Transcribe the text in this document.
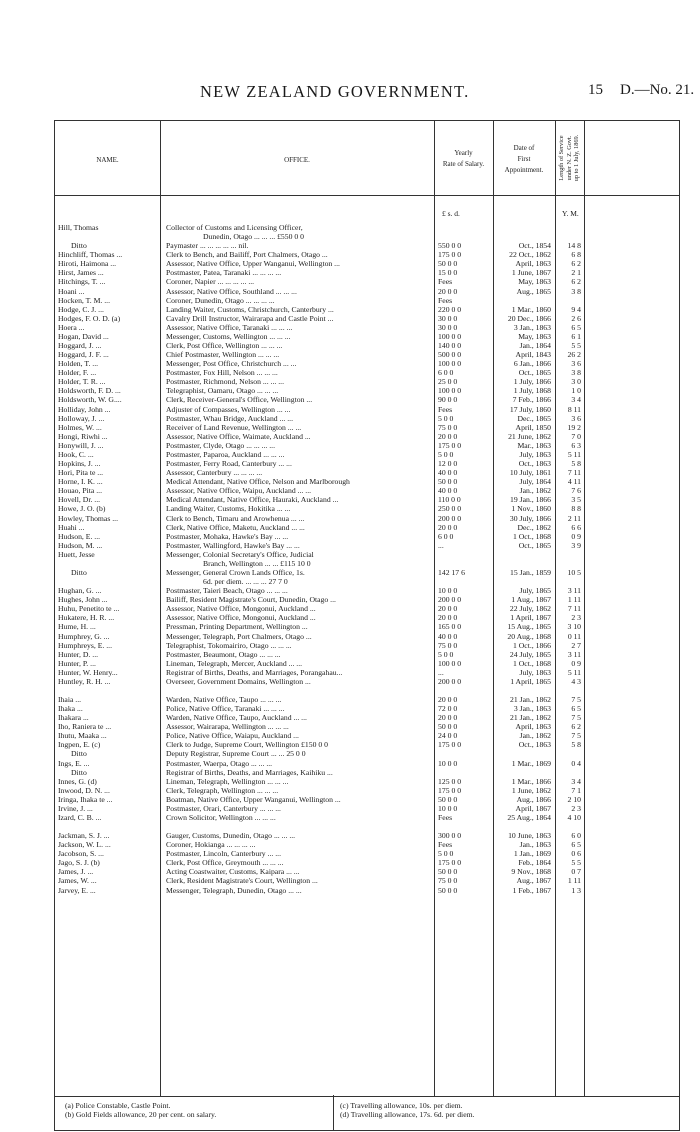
NEW ZEALAND GOVERNMENT.	15 D.—No. 21.
NAME.	OFFICE.
Yearly
Rate of Salary.
Date of
First
Appointment.	Length of Service under N. Z. Govt. up to 1 July, 1869.
£ s. d.	Y. M.
Hill, Thomas	Collector of Customs and Licensing Officer,
Dunedin, Otago ... ... ... £550 0 0
Ditto	Paymaster ... ... ... ... ... nil.	550 0 0	Oct., 1854	14 8
Hinchliff, Thomas ...	Clerk to Bench, and Bailiff, Port Chalmers, Otago ...	175 0 0	22 Oct., 1862	6 8
Hiroti, Haimona ...	Assessor, Native Office, Upper Wanganui, Wellington ...	50 0 0	April, 1863	6 2
Hirst, James ...	Postmaster, Patea, Taranaki ... ... ... ...	15 0 0	1 June, 1867	2 1
Hitchings, T. ...	Coroner, Napier ... ... ... ... ...	Fees	May, 1863	6 2
Hoani ...	Assessor, Native Office, Southland ... ... ...	20 0 0	Aug., 1865	3 8
Hocken, T. M. ...	Coroner, Dunedin, Otago ... ... ... ...	Fees
Hodge, C. J. ...	Landing Waiter, Customs, Christchurch, Canterbury ...	220 0 0	1 Mar., 1860	9 4
Hodges, F. O. D. (a)	Cavalry Drill Instructor, Wairarapa and Castle Point ...	30 0 0	20 Dec., 1866	2 6
Hoera ...	Assessor, Native Office, Taranaki ... ... ...	30 0 0	3 Jan., 1863	6 5
Hogan, David ...	Messenger, Customs, Wellington ... ... ...	100 0 0	May, 1863	6 1
Hoggard, J. ...	Clerk, Post Office, Wellington ... ... ...	140 0 0	Jan., 1864	5 5
Hoggard, J. F. ...	Chief Postmaster, Wellington ... ... ...	500 0 0	April, 1843	26 2
Holden, T. ...	Messenger, Post Office, Christchurch ... ...	100 0 0	6 Jan., 1866	3 6
Holder, F. ...	Postmaster, Fox Hill, Nelson ... ... ...	6 0 0	Oct., 1865	3 8
Holder, T. R. ...	Postmaster, Richmond, Nelson ... ... ...	25 0 0	1 July, 1866	3 0
Holdsworth, F. D. ...	Telegraphist, Oamaru, Otago ... ... ...	100 0 0	1 July, 1868	1 0
Holdsworth, W. G....	Clerk, Receiver-General's Office, Wellington ...	90 0 0	7 Feb., 1866	3 4
Holliday, John ...	Adjuster of Compasses, Wellington ... ...	Fees	17 July, 1860	8 11
Holloway, J. ...	Postmaster, Whau Bridge, Auckland ... ...	5 0 0	Dec., 1865	3 6
Holmes, W. ...	Receiver of Land Revenue, Wellington ... ...	75 0 0	April, 1850	19 2
Hongi, Riwhi ...	Assessor, Native Office, Waimate, Auckland ...	20 0 0	21 June, 1862	7 0
Honywill, J. ...	Postmaster, Clyde, Otago ... ... ... ...	175 0 0	Mar., 1863	6 3
Hook, C. ...	Postmaster, Paparoa, Auckland ... ... ...	5 0 0	July, 1863	5 11
Hopkins, J. ...	Postmaster, Ferry Road, Canterbury ... ...	12 0 0	Oct., 1863	5 8
Hori, Pita te ...	Assessor, Canterbury ... ... ... ...	40 0 0	10 July, 1861	7 11
Horne, I. K. ...	Medical Attendant, Native Office, Nelson and Marlborough	50 0 0	July, 1864	4 11
Houao, Pita ...	Assessor, Native Office, Waipu, Auckland ... ...	40 0 0	Jan., 1862	7 6
Hovell, Dr. ...	Medical Attendant, Native Office, Hauraki, Auckland ...	110 0 0	19 Jan., 1866	3 5
Howe, J. O. (b)	Landing Waiter, Customs, Hokitika ... ...	250 0 0	1 Nov., 1860	8 8
Howley, Thomas ...	Clerk to Bench, Timaru and Arowhenua ... ...	200 0 0	30 July, 1866	2 11
Huahi ...	Clerk, Native Office, Maketu, Auckland ... ...	20 0 0	Dec., 1862	6 6
Hudson, E. ...	Postmaster, Mohaka, Hawke's Bay ... ...	6 0 0	1 Oct., 1868	0 9
Hudson, M. ...	Postmaster, Wallingford, Hawke's Bay ... ...	...	Oct., 1865	3 9
Huett, Jesse	Messenger, Colonial Secretary's Office, Judicial
Branch, Wellington ... ... £115 10 0
Ditto	Messenger, General Crown Lands Office, 1s.	142 17 6	15 Jan., 1859	10 5
6d. per diem. ... ... ... 27 7 0
Hughan, G. ...	Postmaster, Taieri Beach, Otago ... ... ...	10 0 0	July, 1865	3 11
Hughes, John ...	Bailiff, Resident Magistrate's Court, Dunedin, Otago ...	200 0 0	1 Aug., 1867	1 11
Huhu, Penetito te ...	Assessor, Native Office, Mongonui, Auckland ...	20 0 0	22 July, 1862	7 11
Hukatere, H. R. ...	Assessor, Native Office, Mongonui, Auckland ...	20 0 0	1 April, 1867	2 3
Hume, H. ...	Pressman, Printing Department, Wellington ...	165 0 0	15 Aug., 1865	3 10
Humphrey, G. ...	Messenger, Telegraph, Port Chalmers, Otago ...	40 0 0	20 Aug., 1868	0 11
Humphreys, E. ...	Telegraphist, Tokomairiro, Otago ... ... ...	75 0 0	1 Oct., 1866	2 7
Hunter, D. ...	Postmaster, Beaumont, Otago ... ... ...	5 0 0	24 July, 1865	3 11
Hunter, P. ...	Lineman, Telegraph, Mercer, Auckland ... ...	100 0 0	1 Oct., 1868	0 9
Hunter, W. Henry...	Registrar of Births, Deaths, and Marriages, Porangahau...	...	July, 1863	5 11
Huntley, R. H. ...	Overseer, Government Domains, Wellington ...	200 0 0	1 April, 1865	4 3
Ihaia ...	Warden, Native Office, Taupo ... ... ...	20 0 0	21 Jan., 1862	7 5
Ihaka ...	Police, Native Office, Taranaki ... ... ...	72 0 0	3 Jan., 1863	6 5
Ihakara ...	Warden, Native Office, Taupo, Auckland ... ...	20 0 0	21 Jan., 1862	7 5
Iho, Raniera te ...	Assessor, Wairarapa, Wellington ... ... ...	50 0 0	April, 1863	6 2
Ihutu, Maaka ...	Police, Native Office, Waiapu, Auckland ...	24 0 0	Jan., 1862	7 5
Ingpen, E. (c)	Clerk to Judge, Supreme Court, Wellington £150 0 0	175 0 0	Oct., 1863	5 8
Ditto	Deputy Registrar, Supreme Court ... ... 25 0 0
Ings, E. ...	Postmaster, Waerpa, Otago ... ... ...	10 0 0	1 Mar., 1869	0 4
Ditto	Registrar of Births, Deaths, and Marriages, Kaihiku ...
Innes, G. (d)	Lineman, Telegraph, Wellington ... ... ...	125 0 0	1 Mar., 1866	3 4
Inwood, D. N. ...	Clerk, Telegraph, Wellington ... ... ...	175 0 0	1 June, 1862	7 1
Iringa, Ihaka te ...	Boatman, Native Office, Upper Wanganui, Wellington ...	50 0 0	Aug., 1866	2 10
Irvine, J. ...	Postmaster, Orari, Canterbury ... ... ...	10 0 0	April, 1867	2 3
Izard, C. B. ...	Crown Solicitor, Wellington ... ... ...	Fees	25 Aug., 1864	4 10
Jackman, S. J. ...	Gauger, Customs, Dunedin, Otago ... ... ...	300 0 0	10 June, 1863	6 0
Jackson, W. L. ...	Coroner, Hokianga ... ... ... ...	Fees	Jan., 1863	6 5
Jacobson, S. ...	Postmaster, Lincoln, Canterbury ... ...	5 0 0	1 Jan., 1869	0 6
Jago, S. J. (b)	Clerk, Post Office, Greymouth ... ... ...	175 0 0	Feb., 1864	5 5
James, J. ...	Acting Coastwaiter, Customs, Kaipara ... ...	50 0 0	9 Nov., 1868	0 7
James, W. ...	Clerk, Resident Magistrate's Court, Wellington ...	75 0 0	Aug., 1867	1 11
Jarvey, E. ...	Messenger, Telegraph, Dunedin, Otago ... ...	50 0 0	1 Feb., 1867	1 3
(a) Police Constable, Castle Point.
(b) Gold Fields allowance, 20 per cent. on salary.
(c) Travelling allowance, 10s. per diem.
(d) Travelling allowance, 17s. 6d. per diem.
